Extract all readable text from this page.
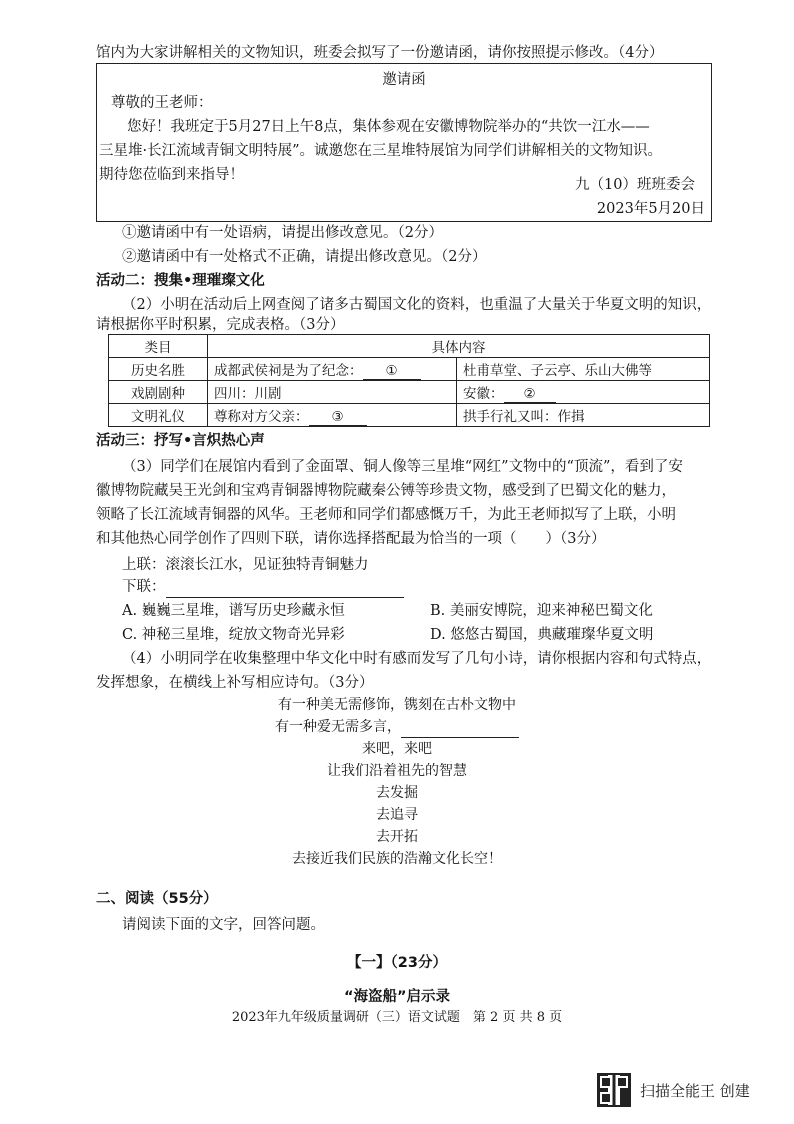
馆内为大家讲解相关的文物知识，班委会拟写了一份邀请函，请你按照提示修改。（4分）
邀请函
尊敬的王老师：
您好！我班定于5月27日上午8点，集体参观在安徽博物院举办的“共饮一江水——
三星堆·长江流域青铜文明特展”。诚邀您在三星堆特展馆为同学们讲解相关的文物知识。
期待您莅临到来指导！
九（10）班班委会
2023年5月20日
①邀请函中有一处语病，请提出修改意见。（2分）
②邀请函中有一处格式不正确，请提出修改意见。（2分）
活动二：搜集•理璀璨文化
（2）小明在活动后上网查阅了诸多古蜀国文化的资料，也重温了大量关于华夏文明的知识，
请根据你平时积累，完成表格。（3分）
类目	具体内容	
历史名胜	成都武侯祠是为了纪念： ①	杜甫草堂、子云亭、乐山大佛等
戏剧剧种	四川：川剧	安徽： ②
文明礼仪	尊称对方父亲： ③	拱手行礼又叫：作揖
活动三：抒写•言炽热心声
（3）同学们在展馆内看到了金面罩、铜人像等三星堆“网红”文物中的“顶流”，看到了安
徽博物院藏吴王光剑和宝鸡青铜器博物院藏秦公镈等珍贵文物，感受到了巴蜀文化的魅力，
领略了长江流域青铜器的风华。王老师和同学们都感慨万千，为此王老师拟写了上联，小明
和其他热心同学创作了四则下联，请你选择搭配最为恰当的一项（　　）（3分）
上联：滚滚长江水，见证独特青铜魅力
下联：
A. 巍巍三星堆，谱写历史珍藏永恒	B. 美丽安博院，迎来神秘巴蜀文化
C. 神秘三星堆，绽放文物奇光异彩	D. 悠悠古蜀国，典藏璀璨华夏文明
（4）小明同学在收集整理中华文化中时有感而发写了几句小诗，请你根据内容和句式特点，
发挥想象，在横线上补写相应诗句。（3分）
有一种美无需修饰，镌刻在古朴文物中
有一种爱无需多言，
来吧，来吧
让我们沿着祖先的智慧
去发掘
去追寻
去开拓
去接近我们民族的浩瀚文化长空！
二、阅读（55分）
请阅读下面的文字，回答问题。
【一】（23分）
“海盗船”启示录
2023年九年级质量调研（三）语文试题　第 2 页 共 8 页
扫描全能王 创建
